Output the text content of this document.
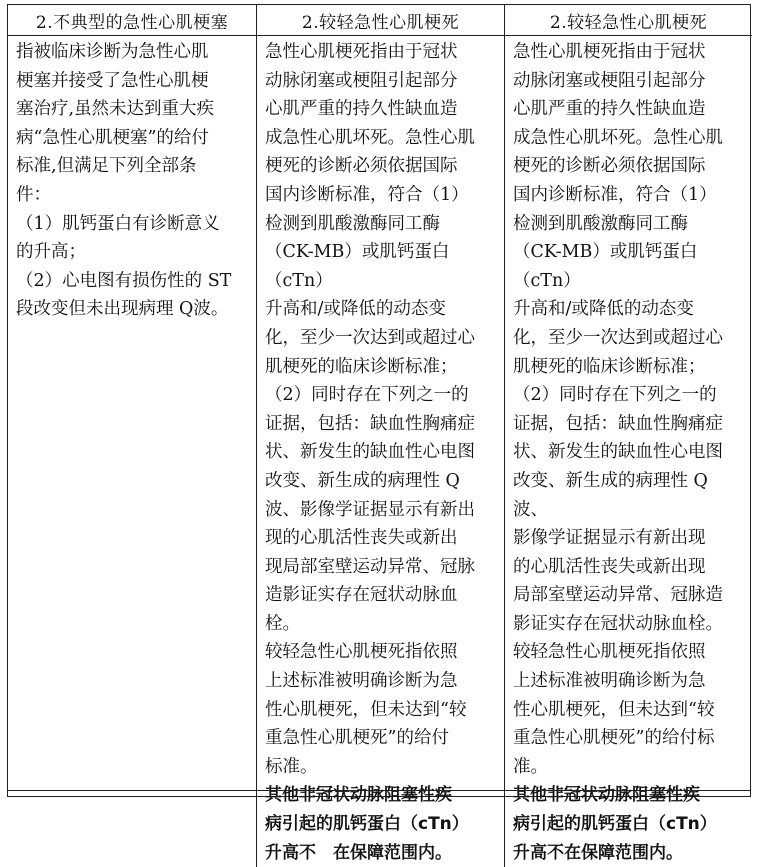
2.不典型的急性心肌梗塞	2.较轻急性心肌梗死	2.较轻急性心肌梗死

指被临床诊断为急性心肌
梗塞并接受了急性心肌梗
塞治疗,虽然未达到重大疾
病“急性心肌梗塞”的给付
标准,但满足下列全部条
件：

（1）肌钙蛋白有诊断意义
的升高；

（2）心电图有损伤性的 ST
段改变但未出现病理 Q波。

急性心肌梗死指由于冠状
动脉闭塞或梗阻引起部分
心肌严重的持久性缺血造
成急性心肌坏死。急性心肌
梗死的诊断必须依据国际
国内诊断标准，符合（1）
检测到肌酸激酶同工酶
（CK-MB）或肌钙蛋白（cTn）
升高和/或降低的动态变
化，至少一次达到或超过心
肌梗死的临床诊断标准；

（2）同时存在下列之一的
证据，包括：缺血性胸痛症
状、新发生的缺血性心电图
改变、新生成的病理性 Q
波、影像学证据显示有新出
现的心肌活性丧失或新出
现局部室壁运动异常、冠脉
造影证实存在冠状动脉血
栓。

较轻急性心肌梗死指依照
上述标准被明确诊断为急
性心肌梗死，但未达到“较
重急性心肌梗死”的给付
标准。

其他非冠状动脉阻塞性疾
病引起的肌钙蛋白（cTn）
升高不　在保障范围内。

急性心肌梗死指由于冠状
动脉闭塞或梗阻引起部分
心肌严重的持久性缺血造
成急性心肌坏死。急性心肌
梗死的诊断必须依据国际
国内诊断标准，符合（1）
检测到肌酸激酶同工酶
（CK-MB）或肌钙蛋白（cTn）
升高和/或降低的动态变
化，至少一次达到或超过心
肌梗死的临床诊断标准；

（2）同时存在下列之一的
证据，包括：缺血性胸痛症
状、新发生的缺血性心电图
改变、新生成的病理性 Q 波、
影像学证据显示有新出现
的心肌活性丧失或新出现
局部室壁运动异常、冠脉造
影证实存在冠状动脉血栓。

较轻急性心肌梗死指依照
上述标准被明确诊断为急
性心肌梗死，但未达到“较
重急性心肌梗死”的给付标
准。

其他非冠状动脉阻塞性疾
病引起的肌钙蛋白（cTn）
升高不在保障范围内。
